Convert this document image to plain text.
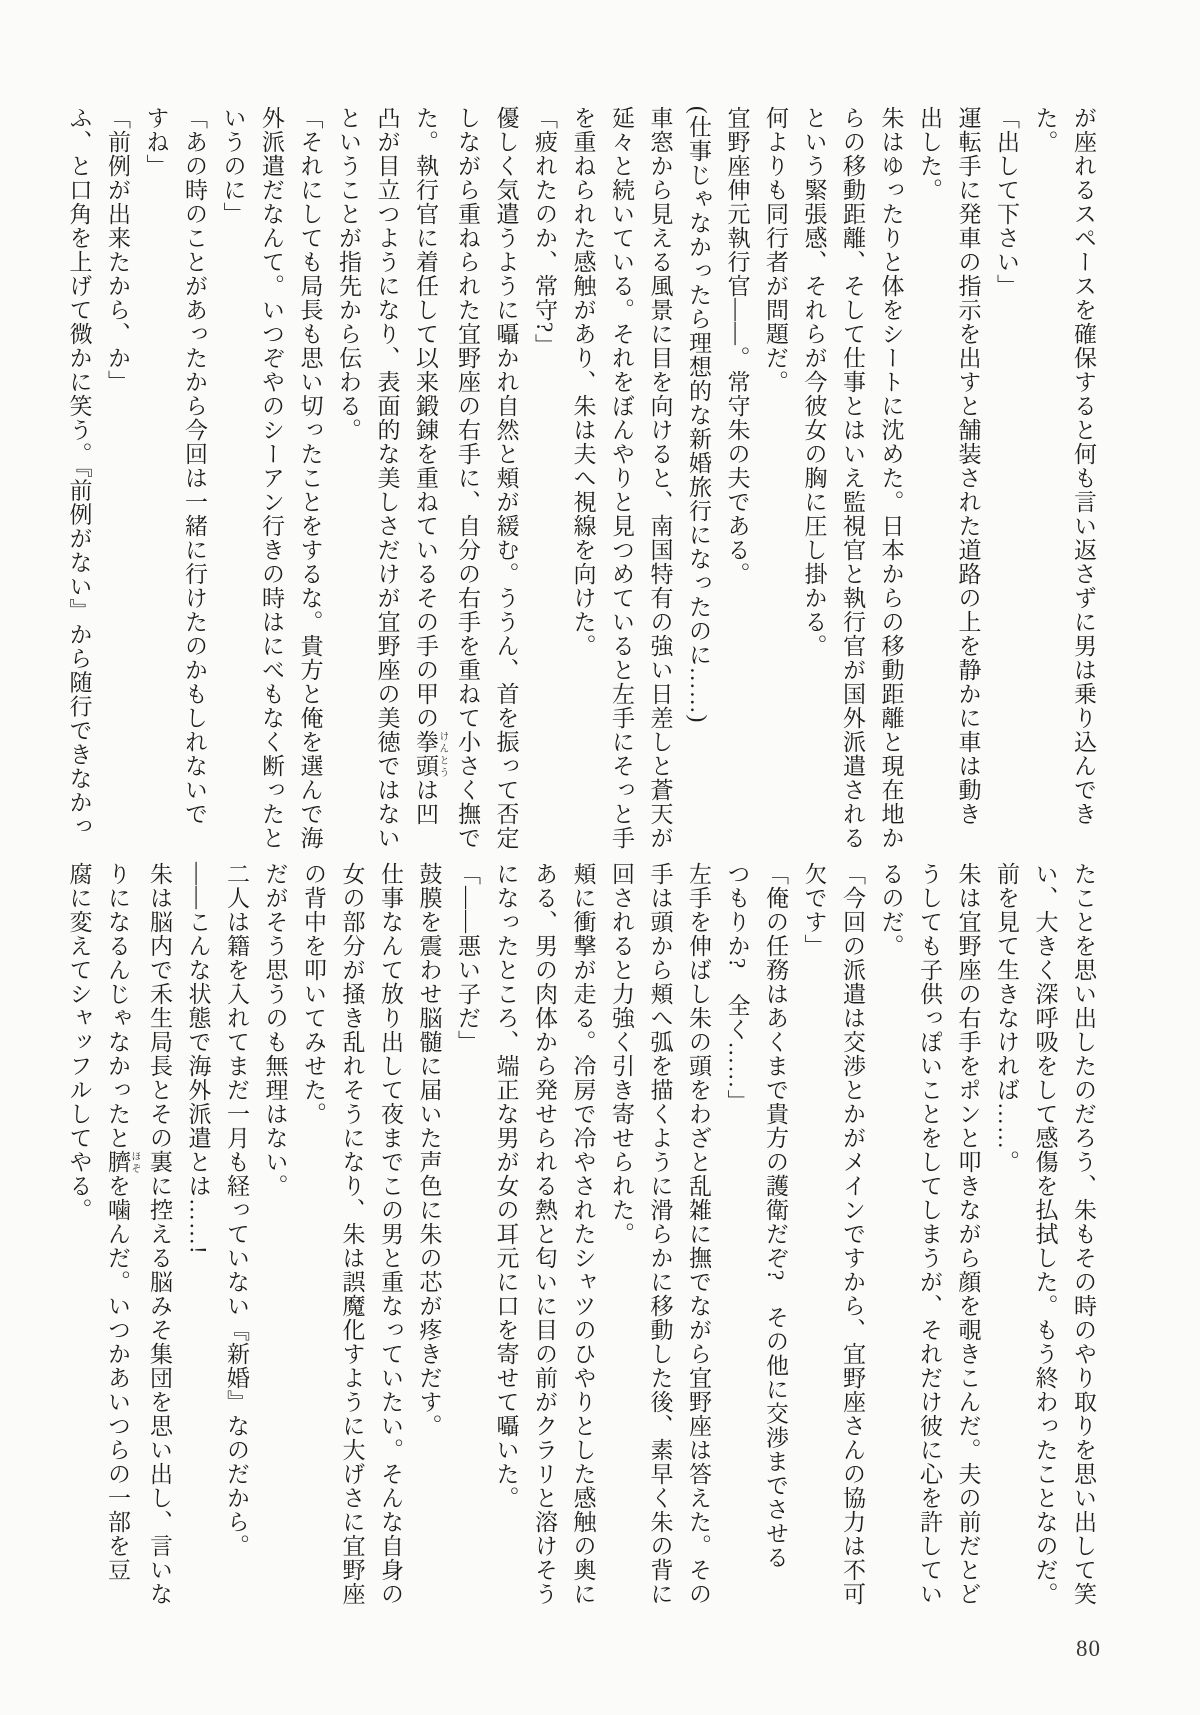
が座れるスペースを確保すると何も言い返さずに男は乗り込んでき

た。

「出して下さい」

運転手に発車の指示を出すと舗装された道路の上を静かに車は動き

出した。

朱はゆったりと体をシートに沈めた。日本からの移動距離と現在地か

らの移動距離、そして仕事とはいえ監視官と執行官が国外派遣される

という緊張感、それらが今彼女の胸に圧し掛かる。

何よりも同行者が問題だ。

宜野座伸元執行官――。常守朱の夫である。

(仕事じゃなかったら理想的な新婚旅行になったのに……)

車窓から見える風景に目を向けると、南国特有の強い日差しと蒼天が

延々と続いている。それをぼんやりと見つめていると左手にそっと手

を重ねられた感触があり、朱は夫へ視線を向けた。

「疲れたのか、常守?」

優しく気遣うように囁かれ自然と頬が緩む。ううん、首を振って否定

しながら重ねられた宜野座の右手に、自分の右手を重ねて小さく撫で

た。執行官に着任して以来鍛錬を重ねているその手の甲の拳頭 けんとうは凹

凸が目立つようになり、表面的な美しさだけが宜野座の美徳ではない

ということが指先から伝わる。

「それにしても局長も思い切ったことをするな。貴方と俺を選んで海

外派遣だなんて。いつぞやのシーアン行きの時はにべもなく断ったと

いうのに」

「あの時のことがあったから今回は一緒に行けたのかもしれないで

すね」

「前例が出来たから、か」

ふ、と口角を上げて微かに笑う。『前例がない』から随行できなかっ

たことを思い出したのだろう、朱もその時のやり取りを思い出して笑

い、大きく深呼吸をして感傷を払拭した。もう終わったことなのだ。

前を見て生きなければ……。

朱は宜野座の右手をポンと叩きながら顔を覗きこんだ。夫の前だとど

うしても子供っぽいことをしてしまうが、それだけ彼に心を許してい

るのだ。

「今回の派遣は交渉とかがメインですから、宜野座さんの協力は不可

欠です」

「俺の任務はあくまで貴方の護衛だぞ?　その他に交渉までさせる

つもりか?　全く……」

左手を伸ばし朱の頭をわざと乱雑に撫でながら宜野座は答えた。その

手は頭から頬へ弧を描くように滑らかに移動した後、素早く朱の背に

回されると力強く引き寄せられた。

頬に衝撃が走る。冷房で冷やされたシャツのひやりとした感触の奥に

ある、男の肉体から発せられる熱と匂いに目の前がクラリと溶けそう

になったところ、端正な男が女の耳元に口を寄せて囁いた。

「――悪い子だ」

鼓膜を震わせ脳髄に届いた声色に朱の芯が疼きだす。

仕事なんて放り出して夜までこの男と重なっていたい。そんな自身の

女の部分が掻き乱れそうになり、朱は誤魔化すように大げさに宜野座

の背中を叩いてみせた。

だがそう思うのも無理はない。

二人は籍を入れてまだ一月も経っていない『新婚』なのだから。

――こんな状態で海外派遣とは……!

朱は脳内で禾生局長とその裏に控える脳みそ集団を思い出し、言いな

りになるんじゃなかったと臍 ほぞを噛んだ。いつかあいつらの一部を豆

腐に変えてシャッフルしてやる。

80
